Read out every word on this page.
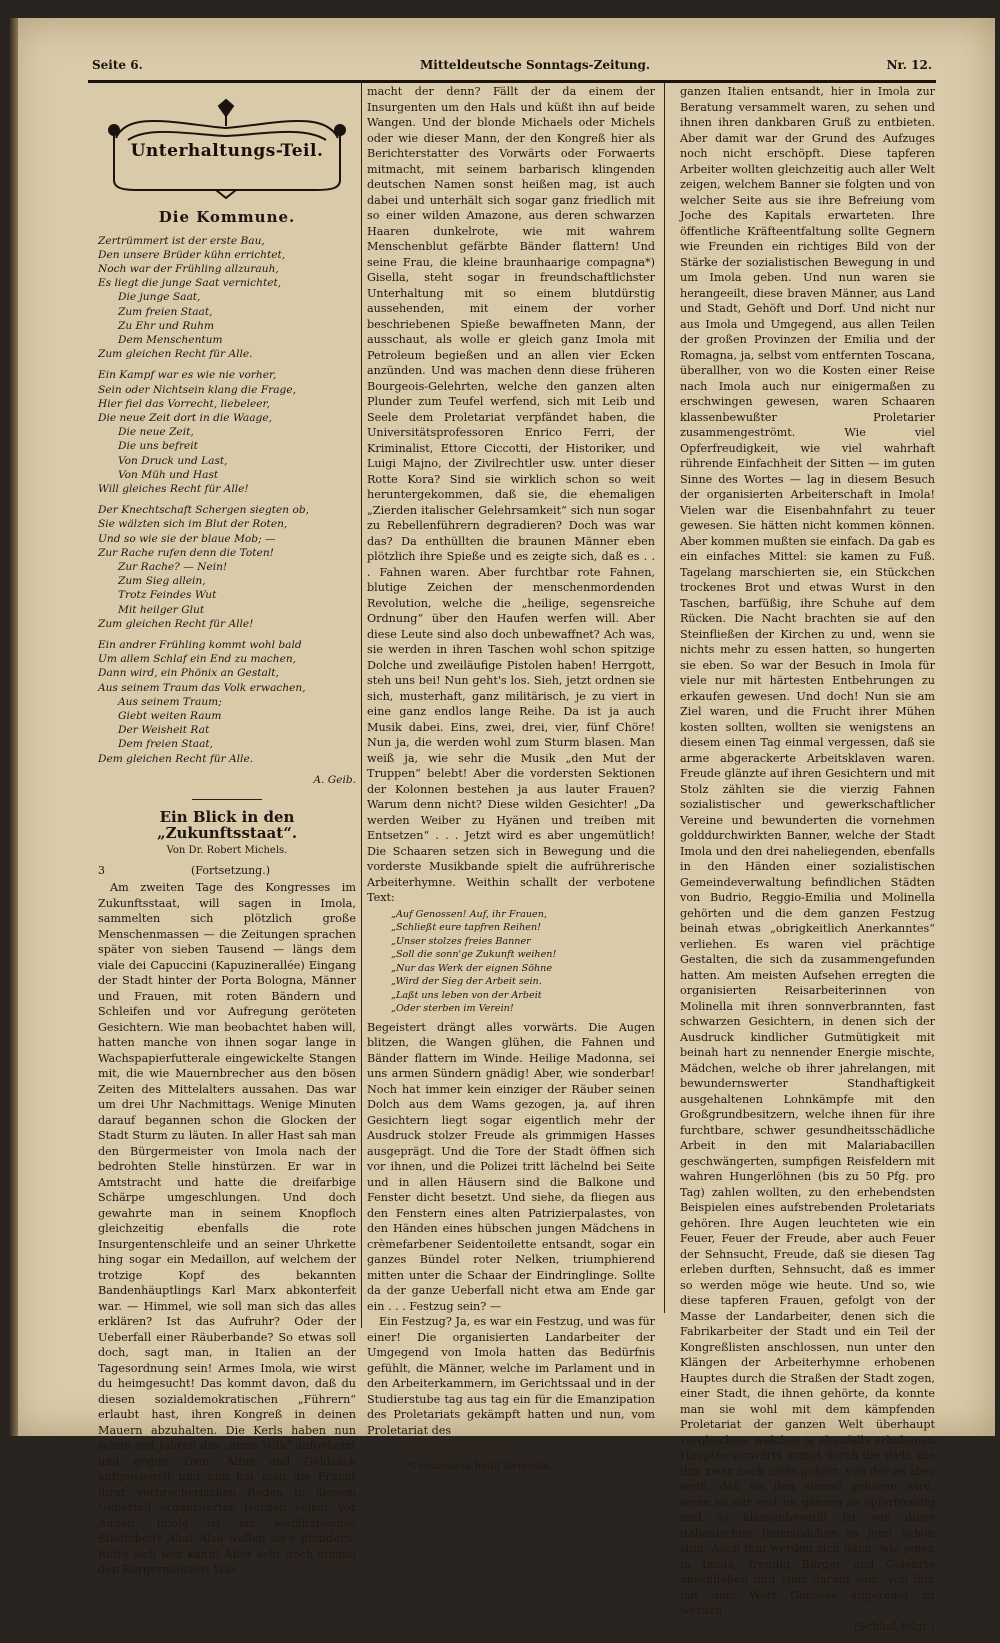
Seite 6.	Mitteldeutsche Sonntags-Zeitung.	Nr. 12.
Unterhaltungs-Teil.
Die Kommune.
Zertrümmert ist der erste Bau,
Den unsere Brüder kühn errichtet,
Noch war der Frühling allzurauh,
Es liegt die junge Saat vernichtet,
Die junge Saat,
Zum freien Staat,
Zu Ehr und Ruhm
Dem Menschentum
Zum gleichen Recht für Alle.
Ein Kampf war es wie nie vorher,
Sein oder Nichtsein klang die Frage,
Hier fiel das Vorrecht, liebeleer,
Die neue Zeit dort in die Waage,
Die neue Zeit,
Die uns befreit
Von Druck und Last,
Von Müh und Hast
Will gleiches Recht für Alle!
Der Knechtschaft Schergen siegten ob,
Sie wälzten sich im Blut der Roten,
Und so wie sie der blaue Mob; —
Zur Rache rufen denn die Toten!
Zur Rache? — Nein!
Zum Sieg allein,
Trotz Feindes Wut
Mit heilger Glut
Zum gleichen Recht für Alle!
Ein andrer Frühling kommt wohl bald
Um allem Schlaf ein End zu machen,
Dann wird, ein Phönix an Gestalt,
Aus seinem Traum das Volk erwachen,
Aus seinem Traum;
Giebt weiten Raum
Der Weisheit Rat
Dem freien Staat,
Dem gleichen Recht für Alle.
A. Geib.
Ein Blick in den „Zukunftsstaat“.
Von Dr. Robert Michels.
3	(Fortsetzung.)

Am zweiten Tage des Kongresses im Zukunftsstaat, will sagen in Imola, sammelten sich plötzlich große Menschenmassen — die Zeitungen sprachen später von sieben Tausend — längs dem viale dei Capuccini (Kapuzinerallée) Eingang der Stadt hinter der Porta Bologna, Männer und Frauen, mit roten Bändern und Schleifen und vor Aufregung geröteten Gesichtern. Wie man beobachtet haben will, hatten manche von ihnen sogar lange in Wachspapierfutterale eingewickelte Stangen mit, die wie Mauernbrecher aus den bösen Zeiten des Mittelalters aussahen. Das war um drei Uhr Nachmittags. Wenige Minuten darauf begannen schon die Glocken der Stadt Sturm zu läuten. In aller Hast sah man den Bürgermeister von Imola nach der bedrohten Stelle hinstürzen. Er war in Amtstracht und hatte die dreifarbige Schärpe umgeschlungen. Und doch gewahrte man in seinem Knopfloch gleichzeitig ebenfalls die rote Insurgentenschleife und an seiner Uhrkette hing sogar ein Medaillon, auf welchem der trotzige Kopf des bekannten Bandenhäuptlings Karl Marx abkonterfeit war. — Himmel, wie soll man sich das alles erklären? Ist das Aufruhr? Oder der Ueberfall einer Räuberbande? So etwas soll doch, sagt man, in Italien an der Tagesordnung sein! Armes Imola, wie wirst du heimgesucht! Das kommt davon, daß du diesen sozialdemokratischen „Führern“ erlaubt hast, ihren Kongreß in deinen Mauern abzuhalten. Die Kerls haben nun schon seit Jahren das „arme Volk“ aufgehetzt und gegen Tron, Altar und Geldsack aufgewiegelt und nun hat man die Frucht ihrer verbrecherischen Reden in diesem Ueberfall organisierter Horden selbst vor Augen. Imola ist ein wohlhabendes Städtchen? Aha! Also wollen sie's plündern. Rette sich wer kann! Aber seht doch einmal den Bürgermeister! Was

macht der denn? Fällt der da einem der Insurgenten um den Hals und küßt ihn auf beide Wangen. Und der blonde Michaels oder Michels oder wie dieser Mann, der den Kongreß hier als Berichterstatter des Vorwärts oder Forwaerts mitmacht, mit seinem barbarisch klingenden deutschen Namen sonst heißen mag, ist auch dabei und unterhält sich sogar ganz friedlich mit so einer wilden Amazone, aus deren schwarzen Haaren dunkelrote, wie mit wahrem Menschenblut gefärbte Bänder flattern! Und seine Frau, die kleine braunhaarige compagna*) Gisella, steht sogar in freundschaftlichster Unterhaltung mit so einem blutdürstig aussehenden, mit einem der vorher beschriebenen Spieße bewaffneten Mann, der ausschaut, als wolle er gleich ganz Imola mit Petroleum begießen und an allen vier Ecken anzünden. Und was machen denn diese früheren Bourgeois-Gelehrten, welche den ganzen alten Plunder zum Teufel werfend, sich mit Leib und Seele dem Proletariat verpfändet haben, die Universitätsprofessoren Enrico Ferri, der Kriminalist, Ettore Ciccotti, der Historiker, und Luigi Majno, der Zivilrechtler usw. unter dieser Rotte Kora? Sind sie wirklich schon so weit heruntergekommen, daß sie, die ehemaligen „Zierden italischer Gelehrsamkeit“ sich nun sogar zu Rebellenführern degradieren? Doch was war das? Da enthüllten die braunen Männer eben plötzlich ihre Spieße und es zeigte sich, daß es . . . Fahnen waren. Aber furchtbar rote Fahnen, blutige Zeichen der menschenmordenden Revolution, welche die „heilige, segensreiche Ordnung“ über den Haufen werfen will. Aber diese Leute sind also doch unbewaffnet? Ach was, sie werden in ihren Taschen wohl schon spitzige Dolche und zweiläufige Pistolen haben! Herrgott, steh uns bei! Nun geht's los. Sieh, jetzt ordnen sie sich, musterhaft, ganz militärisch, je zu viert in eine ganz endlos lange Reihe. Da ist ja auch Musik dabei. Eins, zwei, drei, vier, fünf Chöre! Nun ja, die werden wohl zum Sturm blasen. Man weiß ja, wie sehr die Musik „den Mut der Truppen“ belebt! Aber die vordersten Sektionen der Kolonnen bestehen ja aus lauter Frauen? Warum denn nicht? Diese wilden Gesichter! „Da werden Weiber zu Hyänen und treiben mit Entsetzen“ . . . Jetzt wird es aber ungemütlich! Die Schaaren setzen sich in Bewegung und die vorderste Musikbande spielt die aufrührerische Arbeiterhymne. Weithin schallt der verbotene Text:

„Auf Genossen! Auf, ihr Frauen,
„Schließt eure tapfren Reihen!
„Unser stolzes freies Banner
„Soll die sonn'ge Zukunft weihen!
„Nur das Werk der eignen Söhne
„Wird der Sieg der Arbeit sein.
„Laßt uns leben von der Arbeit
„Oder sterben im Verein!

Begeistert drängt alles vorwärts. Die Augen blitzen, die Wangen glühen, die Fahnen und Bänder flattern im Winde. Heilige Madonna, sei uns armen Sündern gnädig! Aber, wie sonderbar! Noch hat immer kein einziger der Räuber seinen Dolch aus dem Wams gezogen, ja, auf ihren Gesichtern liegt sogar eigentlich mehr der Ausdruck stolzer Freude als grimmigen Hasses ausgeprägt. Und die Tore der Stadt öffnen sich vor ihnen, und die Polizei tritt lächelnd bei Seite und in allen Häusern sind die Balkone und Fenster dicht besetzt. Und siehe, da fliegen aus den Fenstern eines alten Patrizierpalastes, von den Händen eines hübschen jungen Mädchens in crèmefarbener Seidentoilette entsandt, sogar ein ganzes Bündel roter Nelken, triumphierend mitten unter die Schaar der Eindringlinge. Sollte da der ganze Ueberfall nicht etwa am Ende gar ein . . . Festzug sein? —

Ein Festzug? Ja, es war ein Festzug, und was für einer! Die organisierten Landarbeiter der Umgegend von Imola hatten das Bedürfnis gefühlt, die Männer, welche im Parlament und in den Arbeiterkammern, im Gerichtssaal und in der Studierstube tag aus tag ein für die Emanzipation des Proletariats gekämpft hatten und nun, vom Proletariat des

*) compagna heißt Genossin.

ganzen Italien entsandt, hier in Imola zur Beratung versammelt waren, zu sehen und ihnen ihren dankbaren Gruß zu entbieten. Aber damit war der Grund des Aufzuges noch nicht erschöpft. Diese tapferen Arbeiter wollten gleichzeitig auch aller Welt zeigen, welchem Banner sie folgten und von welcher Seite aus sie ihre Befreiung vom Joche des Kapitals erwarteten. Ihre öffentliche Kräfteentfaltung sollte Gegnern wie Freunden ein richtiges Bild von der Stärke der sozialistischen Bewegung in und um Imola geben. Und nun waren sie herangeeilt, diese braven Männer, aus Land und Stadt, Gehöft und Dorf. Und nicht nur aus Imola und Umgegend, aus allen Teilen der großen Provinzen der Emilia und der Romagna, ja, selbst vom entfernten Toscana, überallher, von wo die Kosten einer Reise nach Imola auch nur einigermaßen zu erschwingen gewesen, waren Schaaren klassenbewußter Proletarier zusammengeströmt. Wie viel Opferfreudigkeit, wie viel wahrhaft rührende Einfachheit der Sitten — im guten Sinne des Wortes — lag in diesem Besuch der organisierten Arbeiterschaft in Imola! Vielen war die Eisenbahnfahrt zu teuer gewesen. Sie hätten nicht kommen können. Aber kommen mußten sie einfach. Da gab es ein einfaches Mittel: sie kamen zu Fuß. Tagelang marschierten sie, ein Stückchen trockenes Brot und etwas Wurst in den Taschen, barfüßig, ihre Schuhe auf dem Rücken. Die Nacht brachten sie auf den Steinfließen der Kirchen zu und, wenn sie nichts mehr zu essen hatten, so hungerten sie eben. So war der Besuch in Imola für viele nur mit härtesten Entbehrungen zu erkaufen gewesen. Und doch! Nun sie am Ziel waren, und die Frucht ihrer Mühen kosten sollten, wollten sie wenigstens an diesem einen Tag einmal vergessen, daß sie arme abgerackerte Arbeitsklaven waren. Freude glänzte auf ihren Gesichtern und mit Stolz zählten sie die vierzig Fahnen sozialistischer und gewerkschaftlicher Vereine und bewunderten die vornehmen golddurchwirkten Banner, welche der Stadt Imola und den drei naheliegenden, ebenfalls in den Händen einer sozialistischen Gemeindeverwaltung befindlichen Städten von Budrio, Reggio-Emilia und Molinella gehörten und die dem ganzen Festzug beinah etwas „obrigkeitlich Anerkanntes“ verliehen. Es waren viel prächtige Gestalten, die sich da zusammengefunden hatten. Am meisten Aufsehen erregten die organisierten Reisarbeiterinnen von Molinella mit ihren sonnverbrannten, fast schwarzen Gesichtern, in denen sich der Ausdruck kindlicher Gutmütigkeit mit beinah hart zu nennender Energie mischte, Mädchen, welche ob ihrer jahrelangen, mit bewundernswerter Standhaftigkeit ausgehaltenen Lohnkämpfe mit den Großgrundbesitzern, welche ihnen für ihre furchtbare, schwer gesundheitsschädliche Arbeit in den mit Malariabacillen geschwängerten, sumpfigen Reisfeldern mit wahren Hungerlöhnen (bis zu 50 Pfg. pro Tag) zahlen wollten, zu den erhebendsten Beispielen eines aufstrebenden Proletariats gehören. Ihre Augen leuchteten wie ein Feuer, Feuer der Freude, aber auch Feuer der Sehnsucht, Freude, daß sie diesen Tag erleben durften, Sehnsucht, daß es immer so werden möge wie heute. Und so, wie diese tapferen Frauen, gefolgt von der Masse der Landarbeiter, denen sich die Fabrikarbeiter der Stadt und ein Teil der Kongreßlisten anschlossen, nun unter den Klängen der Arbeiterhymne erhobenen Hauptes durch die Straßen der Stadt zogen, einer Stadt, die ihnen gehörte, da konnte man sie wohl mit dem kämpfenden Proletariat der ganzen Welt überhaupt vergleichen, welches ja ebenfalls erhobenen Hauptes vorwärts dringt durch die Welt, die ihm zwar noch nicht gehört, von der es aber weiß, daß sie ihm einmal gehören wird, wenn es nur erst im ganzen so opferfreudig und so klassenbewußt ist wie diese italienischen Reismädchen es jetzt schon sind. Auch ihm werden sich dann, wie jenen in Imola, freudig Bürger und Gelehrte anschließen und stolz darauf sein, von ihm mit dem Wort Genosse angeredet zu werden.

(Schluß folgt.)
